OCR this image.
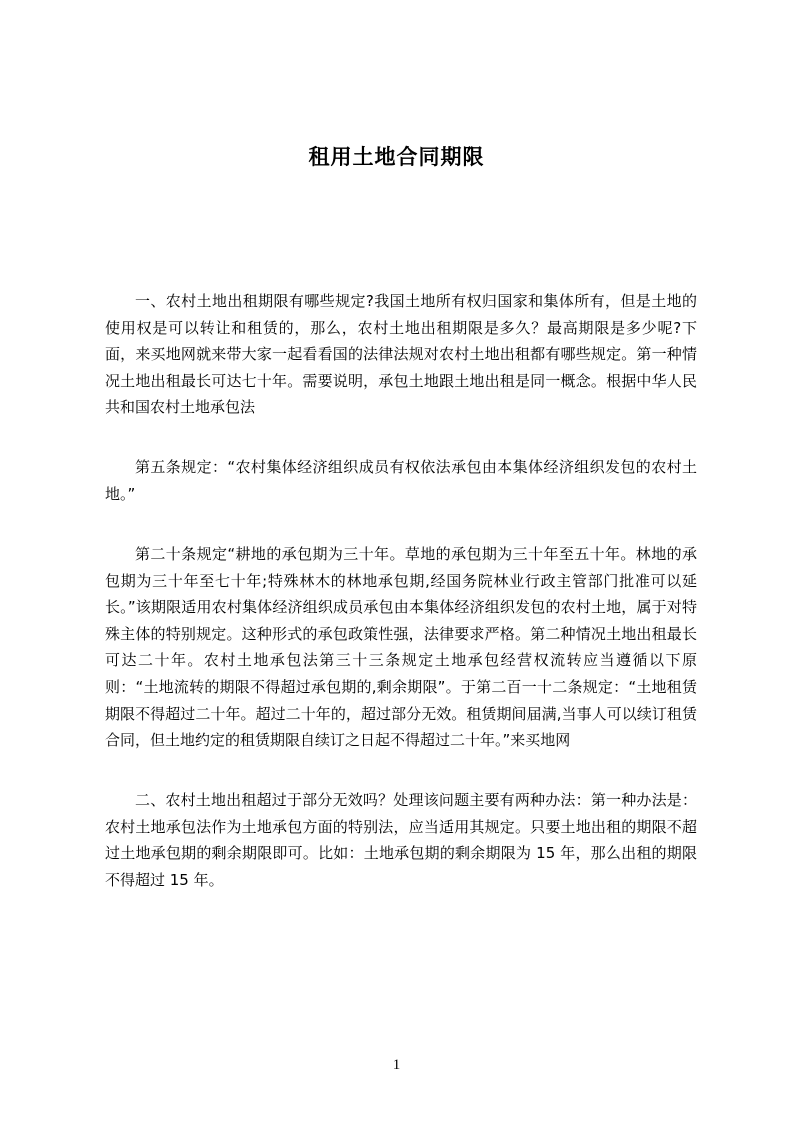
租用土地合同期限

一、农村土地出租期限有哪些规定?我国土地所有权归国家和集体所有，但是土地的使用权是可以转让和租赁的，那么，农村土地出租期限是多久？最高期限是多少呢?下面，来买地网就来带大家一起看看国的法律法规对农村土地出租都有哪些规定。第一种情况土地出租最长可达七十年。需要说明，承包土地跟土地出租是同一概念。根据中华人民共和国农村土地承包法

第五条规定：“农村集体经济组织成员有权依法承包由本集体经济组织发包的农村土地。”

第二十条规定“耕地的承包期为三十年。草地的承包期为三十年至五十年。林地的承包期为三十年至七十年;特殊林木的林地承包期,经国务院林业行政主管部门批准可以延长。”该期限适用农村集体经济组织成员承包由本集体经济组织发包的农村土地，属于对特殊主体的特别规定。这种形式的承包政策性强，法律要求严格。第二种情况土地出租最长可达二十年。农村土地承包法第三十三条规定土地承包经营权流转应当遵循以下原则：“土地流转的期限不得超过承包期的,剩余期限”。于第二百一十二条规定：“土地租赁期限不得超过二十年。超过二十年的，超过部分无效。租赁期间届满,当事人可以续订租赁合同，但土地约定的租赁期限自续订之日起不得超过二十年。”来买地网

二、农村土地出租超过于部分无效吗？处理该问题主要有两种办法：第一种办法是：农村土地承包法作为土地承包方面的特别法，应当适用其规定。只要土地出租的期限不超过土地承包期的剩余期限即可。比如：土地承包期的剩余期限为 15 年，那么出租的期限不得超过 15 年。

1
